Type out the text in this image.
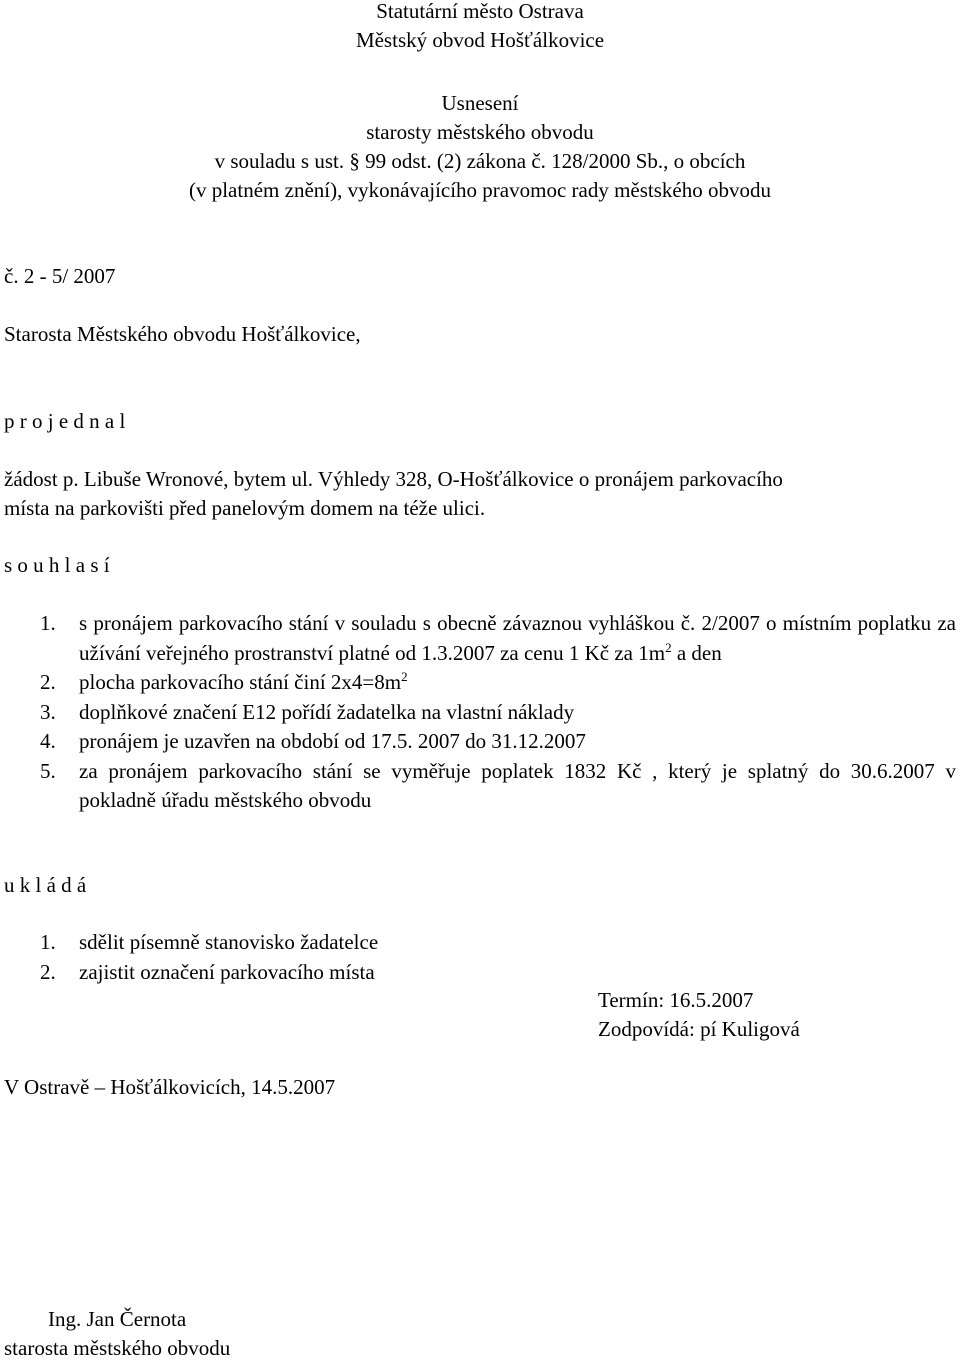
Statutární město Ostrava
Městský obvod Hošťálkovice
Usnesení
starosty městského obvodu
v souladu s ust. § 99 odst. (2) zákona č. 128/2000 Sb., o obcích
(v platném znění), vykonávajícího pravomoc rady městského obvodu
č. 2 - 5/ 2007
Starosta Městského obvodu Hošťálkovice,
p r o j e d n a l
žádost p. Libuše Wronové, bytem ul. Výhledy 328, O-Hošťálkovice o pronájem parkovacího
místa na parkovišti před panelovým domem na téže ulici.
s o u h l a s í
1. s pronájem parkovacího stání v souladu s obecně závaznou vyhláškou č. 2/2007 o místním poplatku za užívání veřejného prostranství platné od 1.3.2007 za cenu 1 Kč za $1m^2$ a den
2. plocha parkovacího stání činí $2x4=8m^2$
3. doplňkové značení E12 pořídí žadatelka na vlastní náklady
4. pronájem je uzavřen na období od 17.5. 2007 do 31.12.2007
5. za pronájem parkovacího stání se vyměřuje poplatek 1832 Kč , který je splatný do 30.6.2007 v pokladně úřadu městského obvodu
u k l á d á
1. sdělit písemně stanovisko žadatelce
2. zajistit označení parkovacího místa
Termín: 16.5.2007
Zodpovídá: pí Kuligová
V Ostravě – Hošťálkovicích, 14.5.2007
Ing. Jan Černota
starosta městského obvodu
